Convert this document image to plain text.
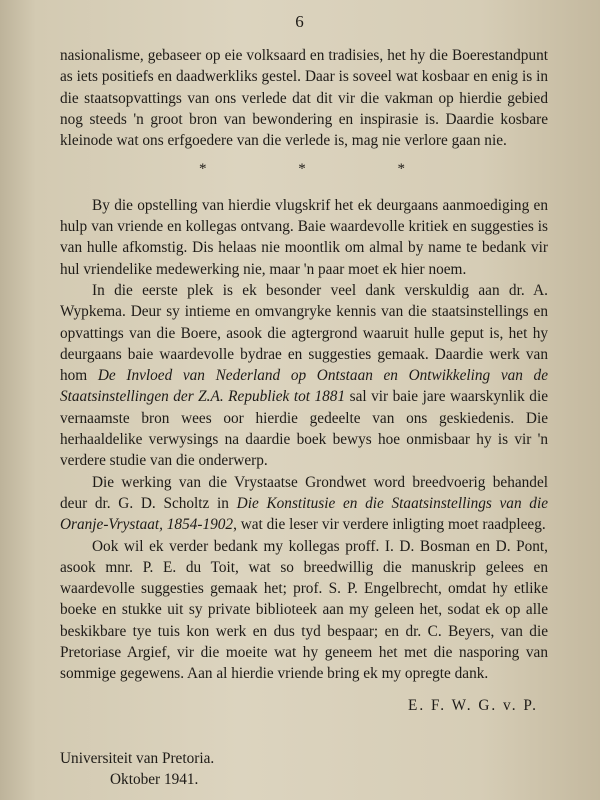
6

nasionalisme, gebaseer op eie volksaard en tradisies, het hy die Boerestandpunt as iets positiefs en daadwerkliks gestel. Daar is soveel wat kosbaar en enig is in die staatsopvattings van ons verlede dat dit vir die vakman op hierdie gebied nog steeds 'n groot bron van bewondering en inspirasie is. Daardie kosbare kleinode wat ons erfgoedere van die verlede is, mag nie verlore gaan nie.

* * *

By die opstelling van hierdie vlugskrif het ek deurgaans aanmoediging en hulp van vriende en kollegas ontvang. Baie waardevolle kritiek en suggesties is van hulle afkomstig. Dis helaas nie moontlik om almal by name te bedank vir hul vriendelike medewerking nie, maar 'n paar moet ek hier noem.

In die eerste plek is ek besonder veel dank verskuldig aan dr. A. Wypkema. Deur sy intieme en omvangryke kennis van die staatsinstellings en opvattings van die Boere, asook die agtergrond waaruit hulle geput is, het hy deurgaans baie waardevolle bydrae en suggesties gemaak. Daardie werk van hom De Invloed van Nederland op Ontstaan en Ontwikkeling van de Staatsinstellingen der Z.A. Republiek tot 1881 sal vir baie jare waarskynlik die vernaamste bron wees oor hierdie gedeelte van ons geskiedenis. Die herhaaldelike verwysings na daardie boek bewys hoe onmisbaar hy is vir 'n verdere studie van die onderwerp.

Die werking van die Vrystaatse Grondwet word breedvoerig behandel deur dr. G. D. Scholtz in Die Konstitusie en die Staatsinstellings van die Oranje-Vrystaat, 1854-1902, wat die leser vir verdere inligting moet raadpleeg.

Ook wil ek verder bedank my kollegas proff. I. D. Bosman en D. Pont, asook mnr. P. E. du Toit, wat so breedwillig die manuskrip gelees en waardevolle suggesties gemaak het; prof. S. P. Engelbrecht, omdat hy etlike boeke en stukke uit sy private biblioteek aan my geleen het, sodat ek op alle beskikbare tye tuis kon werk en dus tyd bespaar; en dr. C. Beyers, van die Pretoriase Argief, vir die moeite wat hy geneem het met die nasporing van sommige gegewens. Aan al hierdie vriende bring ek my opregte dank.

E. F. W. G. v. P.
Universiteit van Pretoria.
Oktober 1941.
